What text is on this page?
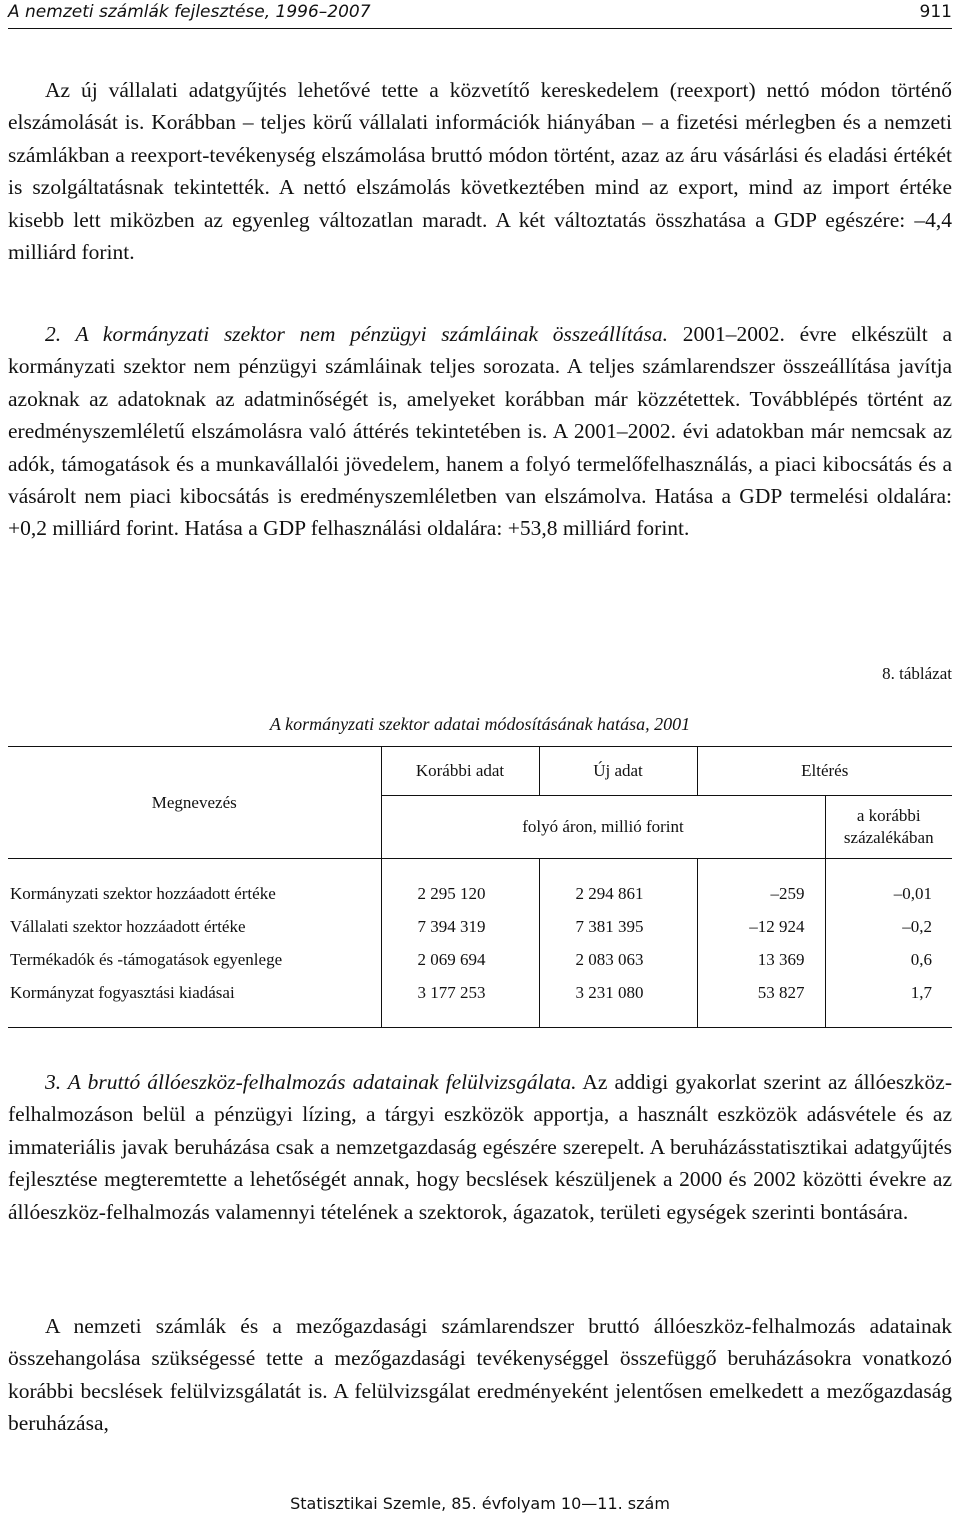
A nemzeti számlák fejlesztése, 1996–2007	911

Az új vállalati adatgyűjtés lehetővé tette a közvetítő kereskedelem (reexport) nettó módon történő elszámolását is. Korábban – teljes körű vállalati információk hiányában – a fizetési mérlegben és a nemzeti számlákban a reexport-tevékenység elszámolása bruttó módon történt, azaz az áru vásárlási és eladási értékét is szolgáltatásnak tekintették. A nettó elszámolás következtében mind az export, mind az import értéke kisebb lett miközben az egyenleg változatlan maradt. A két változtatás összhatása a GDP egészére: –4,4 milliárd forint.

2. A kormányzati szektor nem pénzügyi számláinak összeállítása. 2001–2002. évre elkészült a kormányzati szektor nem pénzügyi számláinak teljes sorozata. A teljes számlarendszer összeállítása javítja azoknak az adatoknak az adatminőségét is, amelyeket korábban már közzétettek. Továbblépés történt az eredményszemléletű elszámolásra való áttérés tekintetében is. A 2001–2002. évi adatokban már nemcsak az adók, támogatások és a munkavállalói jövedelem, hanem a folyó termelőfelhasználás, a piaci kibocsátás és a vásárolt nem piaci kibocsátás is eredményszemléletben van elszámolva. Hatása a GDP termelési oldalára: +0,2 milliárd forint. Hatása a GDP felhasználási oldalára: +53,8 milliárd forint.

8. táblázat

A kormányzati szektor adatai módosításának hatása, 2001

Megnevezés	Korábbi adat	Új adat	Eltérés	
	folyó áron, millió forint			a korábbi százalékában
Kormányzati szektor hozzáadott értéke	2 295 120	2 294 861	–259	–0,01
Vállalati szektor hozzáadott értéke	7 394 319	7 381 395	–12 924	–0,2
Termékadók és -támogatások egyenlege	2 069 694	2 083 063	13 369	0,6
Kormányzat fogyasztási kiadásai	3 177 253	3 231 080	53 827	1,7

3. A bruttó állóeszköz-felhalmozás adatainak felülvizsgálata. Az addigi gyakorlat szerint az állóeszköz-felhalmozáson belül a pénzügyi lízing, a tárgyi eszközök apportja, a használt eszközök adásvétele és az immateriális javak beruházása csak a nemzetgazdaság egészére szerepelt. A beruházásstatisztikai adatgyűjtés fejlesztése megteremtette a lehetőségét annak, hogy becslések készüljenek a 2000 és 2002 közötti évekre az állóeszköz-felhalmozás valamennyi tételének a szektorok, ágazatok, területi egységek szerinti bontására.

A nemzeti számlák és a mezőgazdasági számlarendszer bruttó állóeszköz-felhalmozás adatainak összehangolása szükségessé tette a mezőgazdasági tevékenységgel összefüggő beruházásokra vonatkozó korábbi becslések felülvizsgálatát is. A felülvizsgálat eredményeként jelentősen emelkedett a mezőgazdaság beruházása,

Statisztikai Szemle, 85. évfolyam 10—11. szám
